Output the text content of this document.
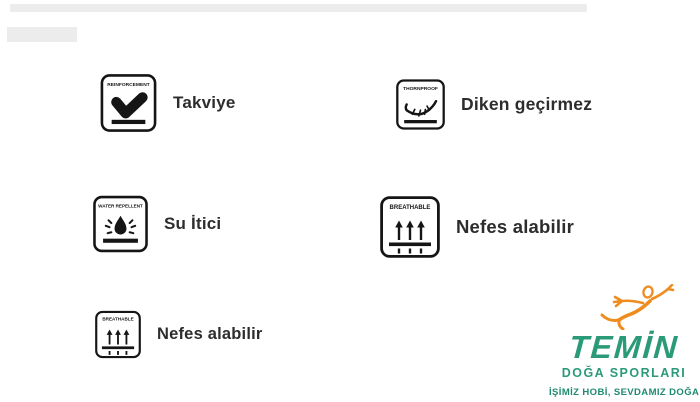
REINFORCEMENT
Takviye
THORNPROOF
Diken geçirmez
WATER REPELLENT
Su İtici
BREATHABLE
Nefes alabilir
BREATHABLE
Nefes alabilir	TEMİN
DOĞA SPORLARI
İŞİMİZ HOBİ, SEVDAMIZ DOĞA
